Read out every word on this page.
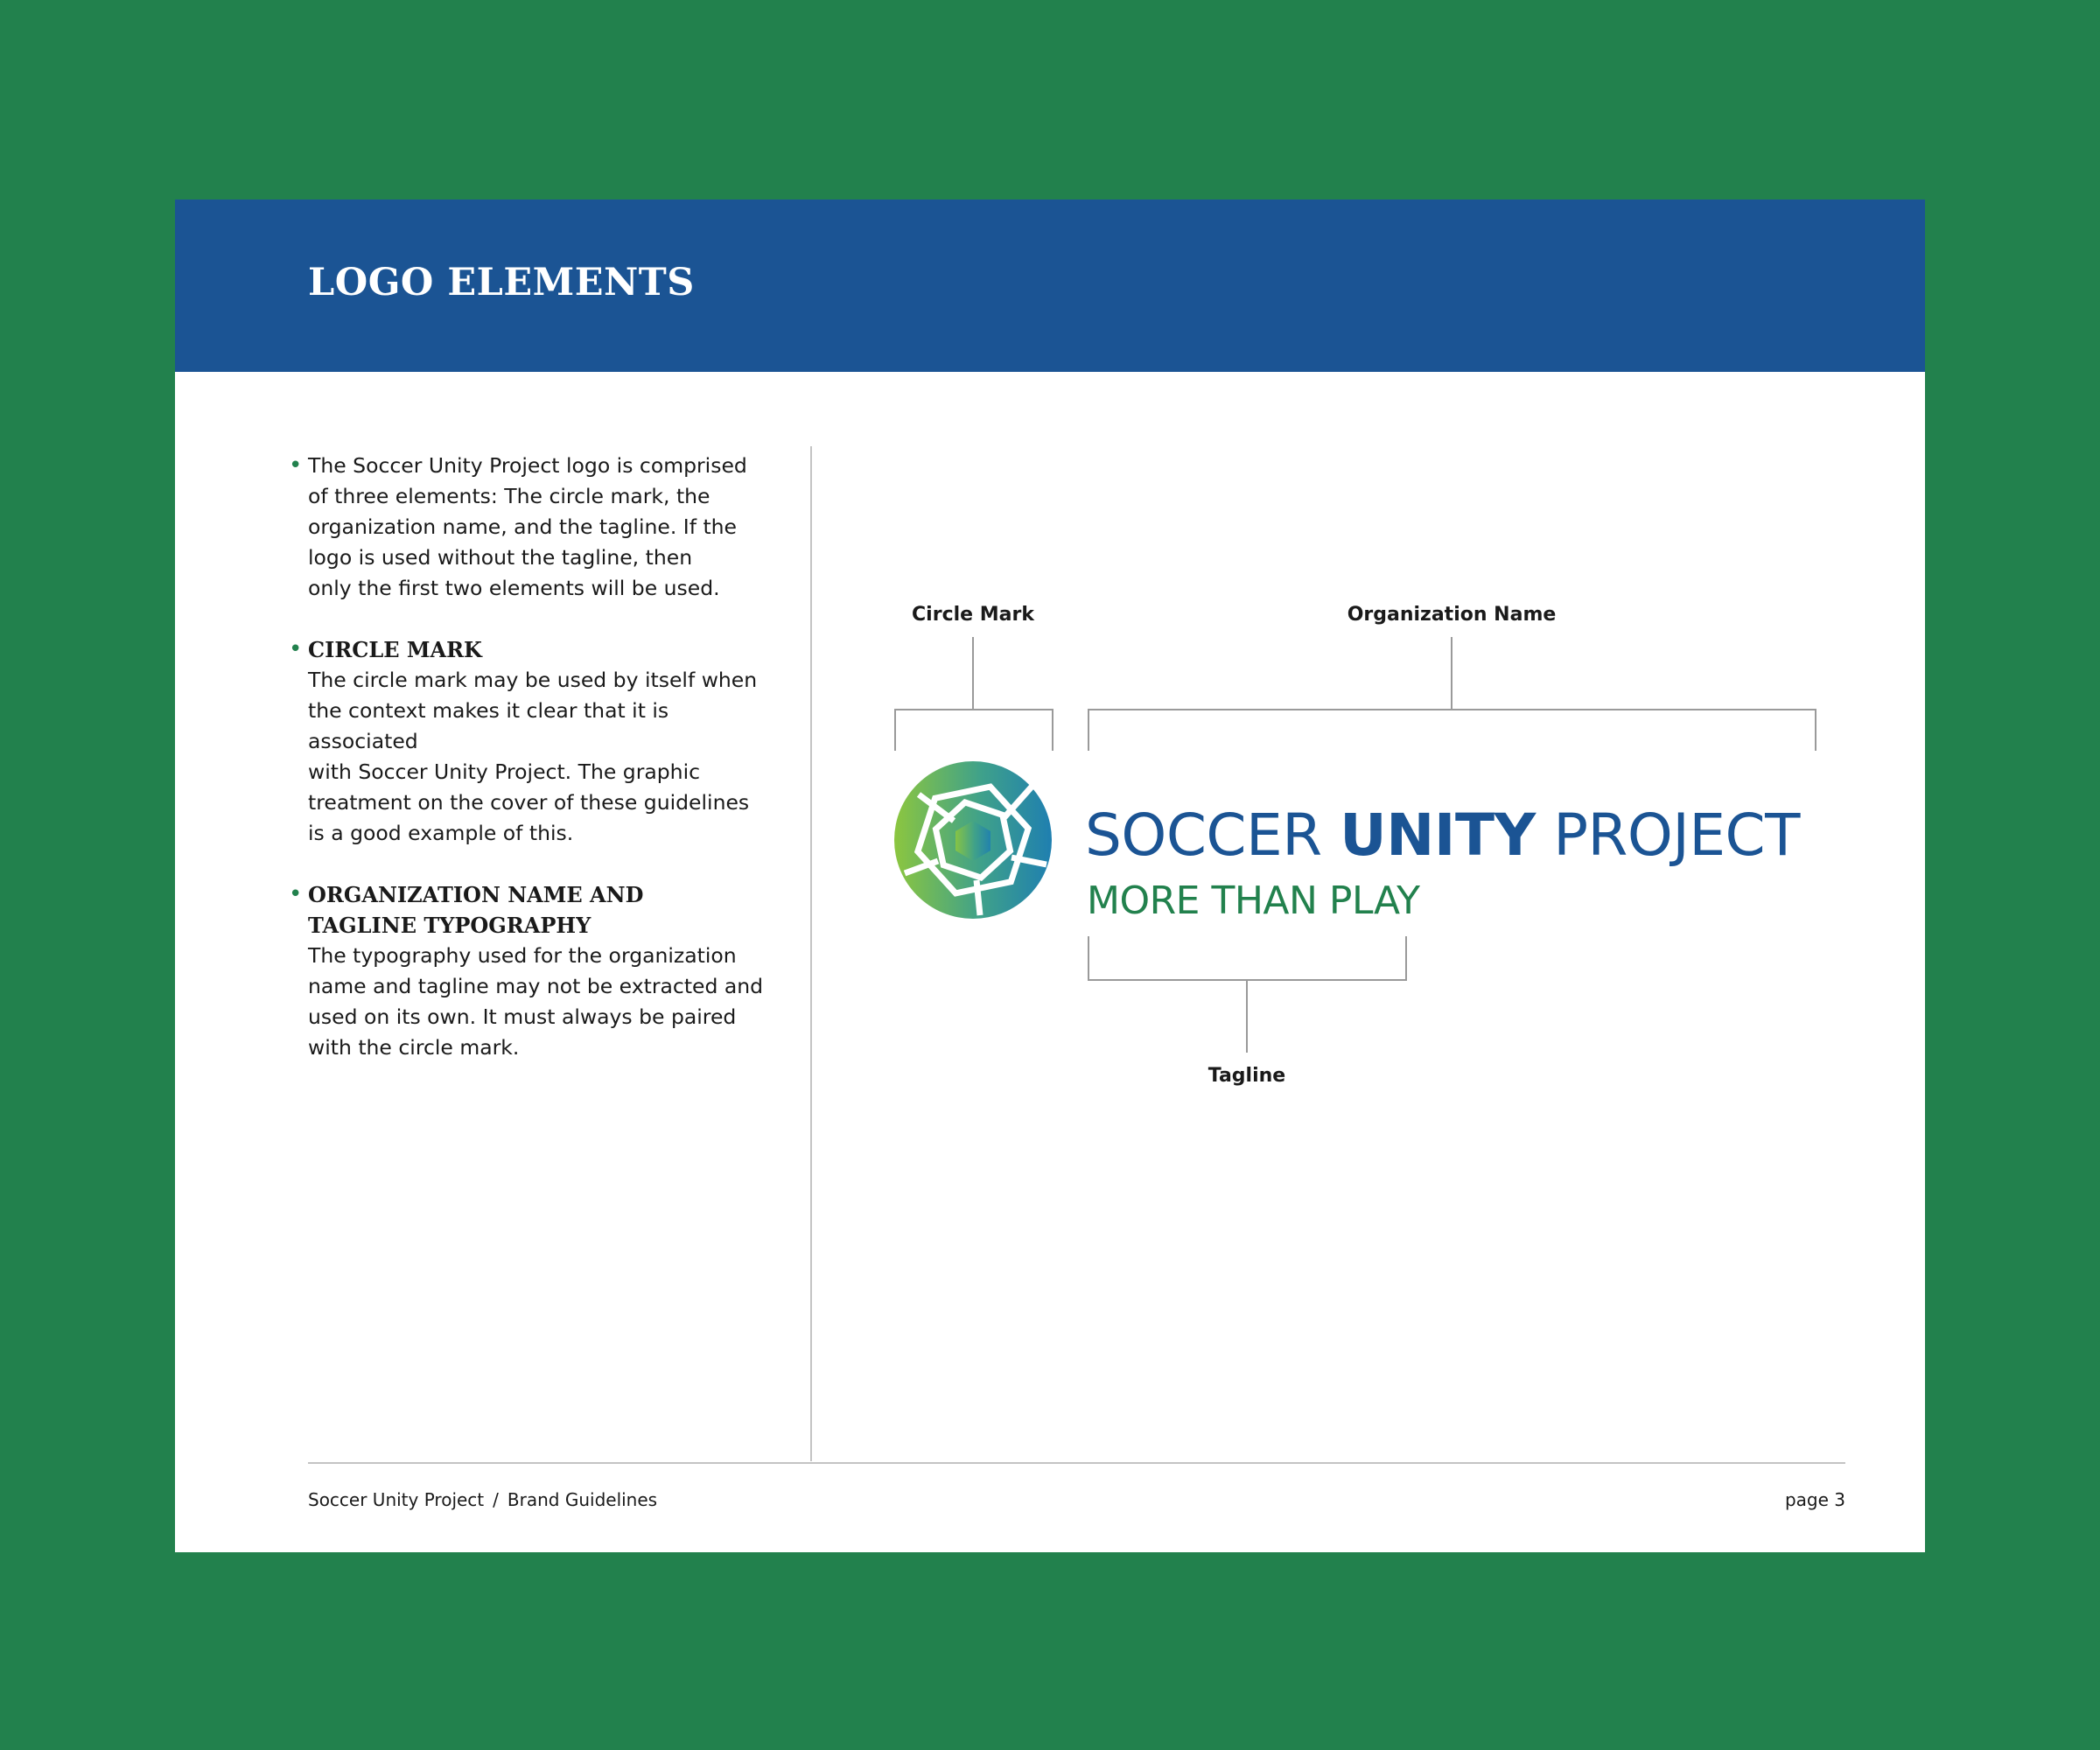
LOGO ELEMENTS
• The Soccer Unity Project logo is comprised
of three elements: The circle mark, the
organization name, and the tagline. If the
logo is used without the tagline, then
only the first two elements will be used.
• CIRCLE MARK
The circle mark may be used by itself when
the context makes it clear that it is associated
with Soccer Unity Project. The graphic
treatment on the cover of these guidelines
is a good example of this.
• ORGANIZATION NAME AND
TAGLINE TYPOGRAPHY
The typography used for the organization
name and tagline may not be extracted and
used on its own. It must always be paired
with the circle mark.
Circle Mark	Organization Name
Tagline
SOCCER UNITY PROJECT
MORE THAN PLAY
Soccer Unity Project / Brand Guidelines	page 3
